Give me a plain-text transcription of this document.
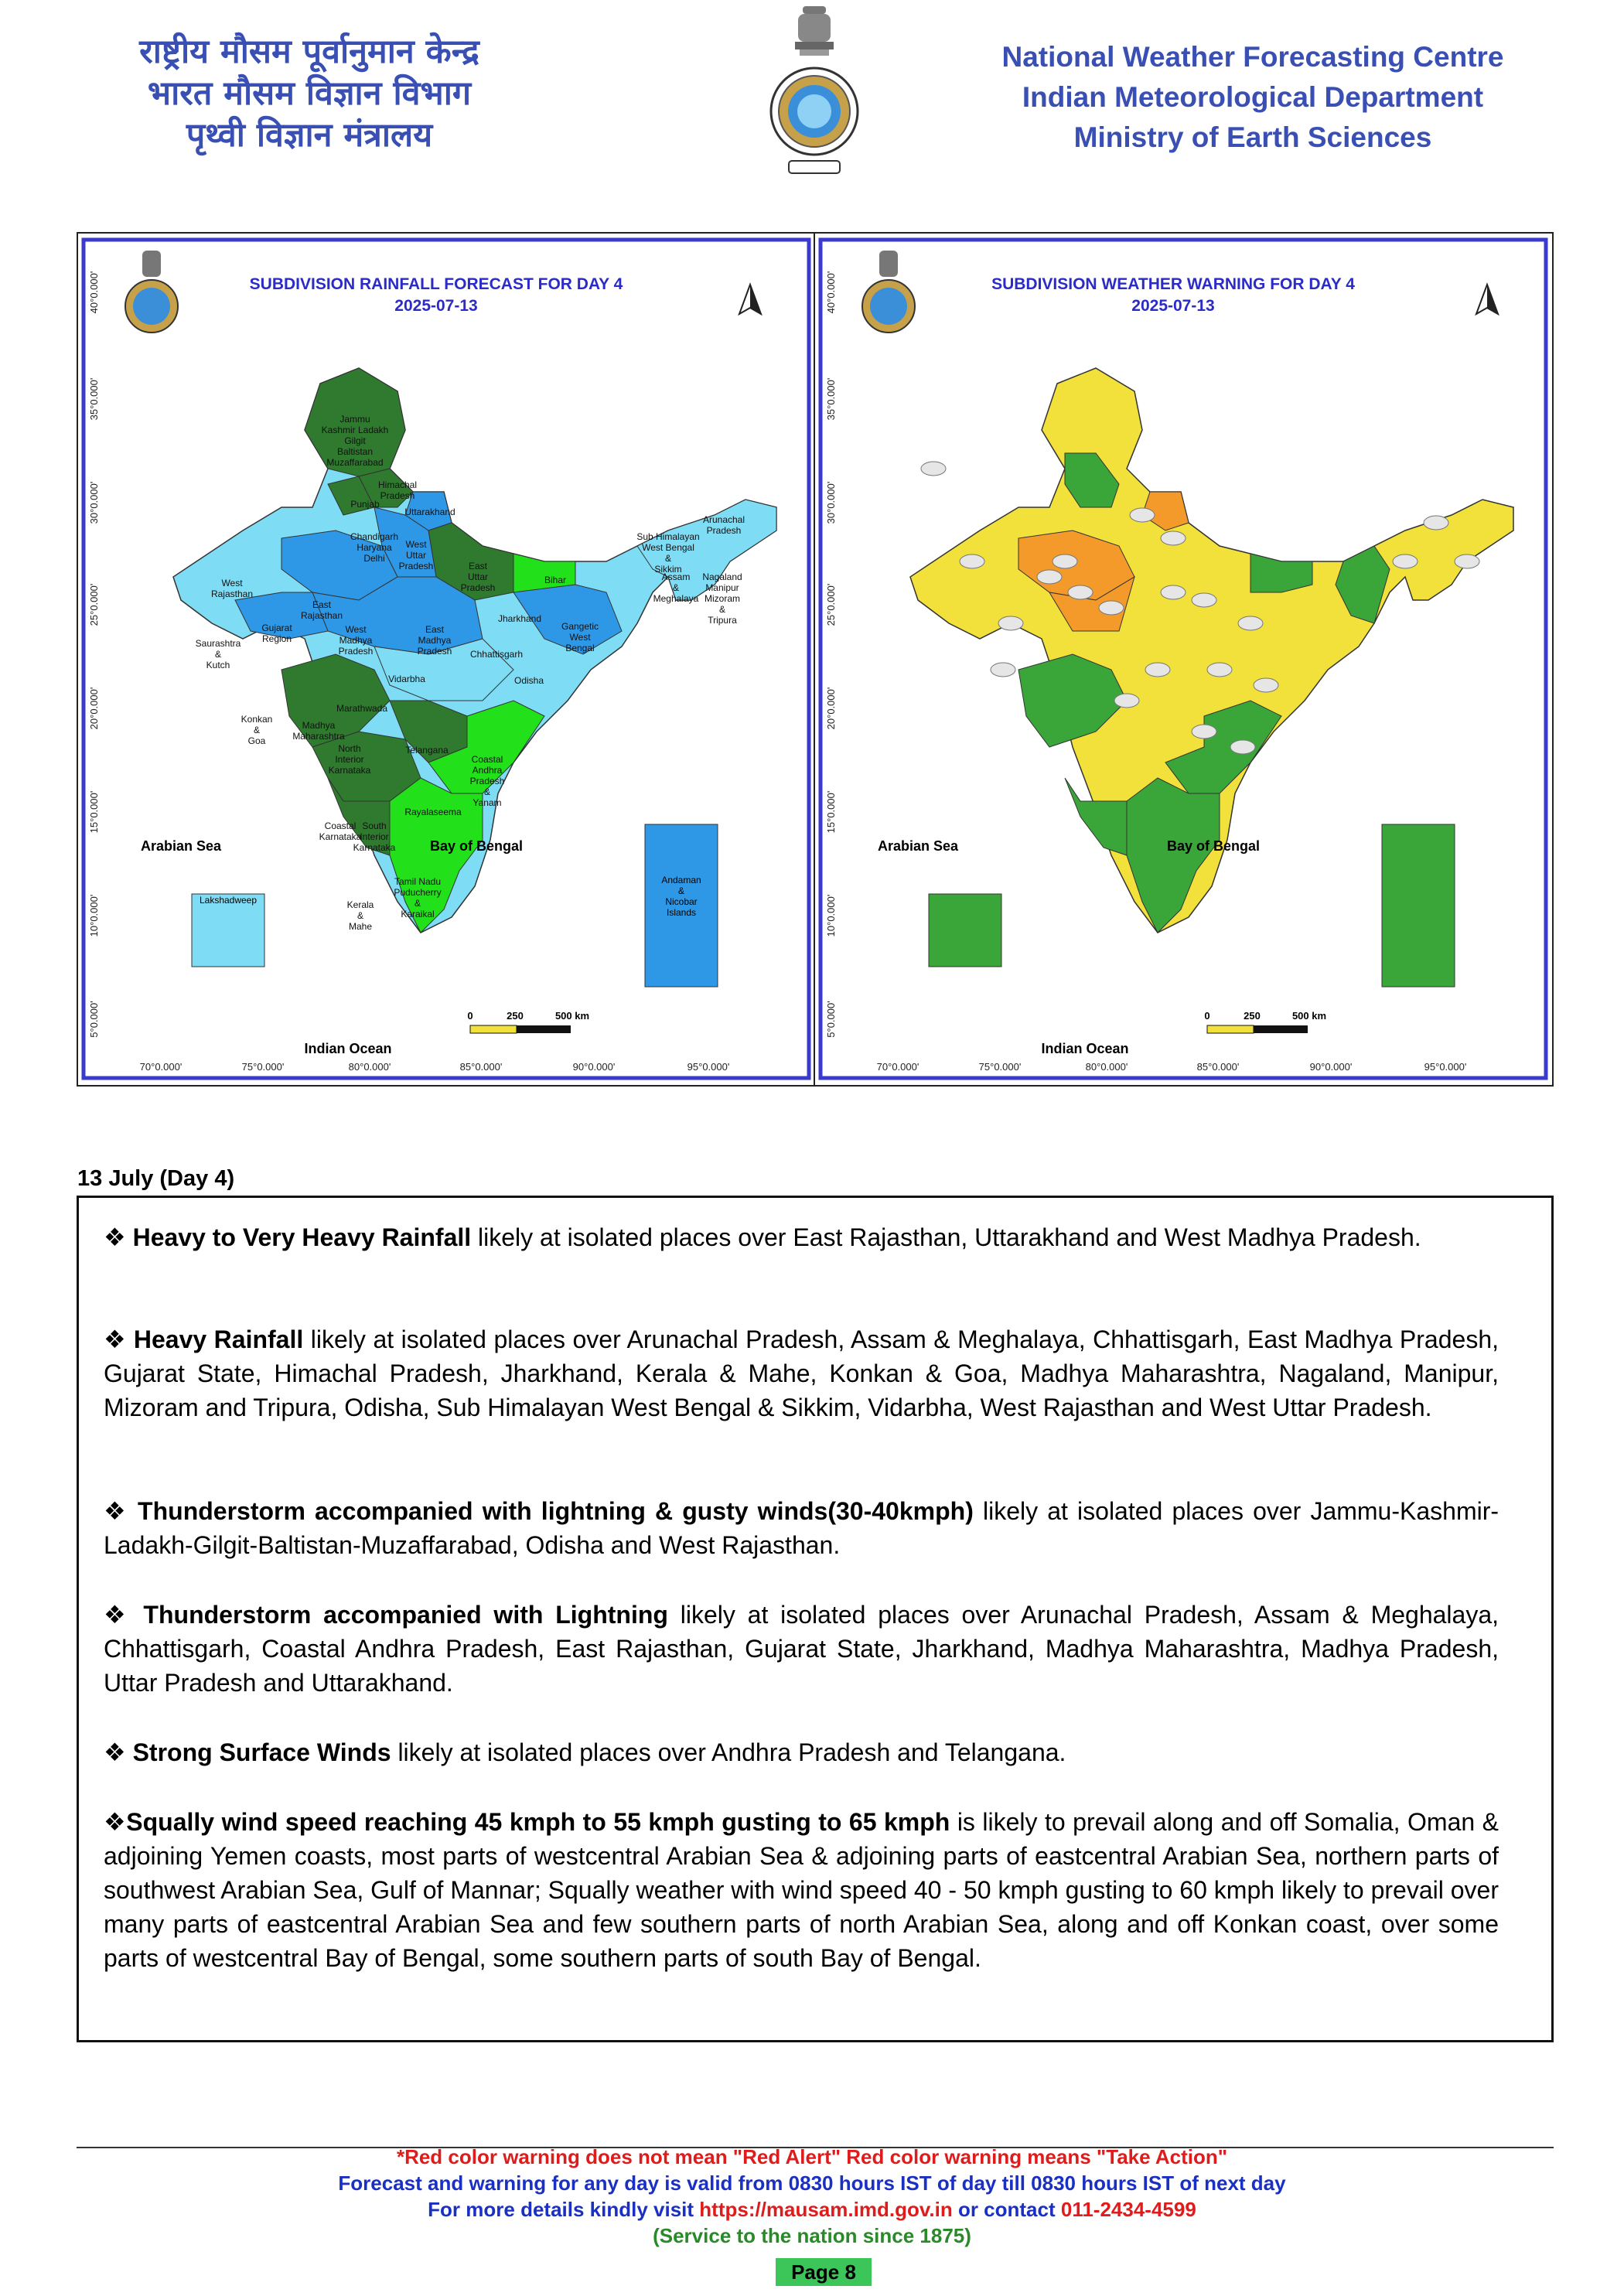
राष्ट्रीय मौसम पूर्वानुमान केन्द्र
भारत मौसम विज्ञान विभाग
पृथ्वी विज्ञान मंत्रालय
National Weather Forecasting Centre
Indian Meteorological Department
Ministry of Earth Sciences
SUBDIVISION RAINFALL FORECAST FOR DAY 4
2025-07-13
Jammu
Kashmir Ladakh
Gilgit
Baltistan
Muzaffarabad
Himachal
Pradesh
Punjab
Uttarakhand
Chandigarh
Haryana
Delhi
West
Uttar
Pradesh	East
Uttar
Pradesh
West
Rajasthan
East
Rajasthan
Bihar
Sub Himalayan
West Bengal
&
Sikkim
Arunachal
Pradesh
Assam
&
Meghalaya
Nagaland
Manipur
Mizoram
&
Tripura
Gujarat
Region
Saurashtra
&
Kutch
West
Madhya
Pradesh
East
Madhya
Pradesh
Jharkhand
Gangetic
West
Bengal
Chhattisgarh
Odisha
Vidarbha
Marathwada
Konkan
&
Goa
Madhya
Maharashtra
North
Interior
Karnataka
Telangana
Coastal
Andhra
Pradesh
&
Yanam
Rayalaseema
Coastal
Karnataka
South
Interior
Karnataka
Tamil Nadu
Puducherry
&
Karaikal
Kerala
&
Mahe
Lakshadweep
Andaman
&
Nicobar
Islands
Arabian Sea	Bay of Bengal
Indian Ocean
0	250	500 km
70°0.000'	75°0.000'	80°0.000'	85°0.000'	90°0.000'	95°0.000'
40°0.000'
35°0.000'
30°0.000'
25°0.000'
20°0.000'
15°0.000'
10°0.000'
5°0.000'
SUBDIVISION WEATHER WARNING FOR DAY 4
2025-07-13
Arabian Sea	Bay of Bengal
Indian Ocean
0	250	500 km
70°0.000'	75°0.000'	80°0.000'	85°0.000'	90°0.000'	95°0.000'
40°0.000'
35°0.000'
30°0.000'
25°0.000'
20°0.000'
15°0.000'
10°0.000'
5°0.000'
13 July (Day 4)
❖ Heavy to Very Heavy Rainfall likely at isolated places over East Rajasthan, Uttarakhand and West Madhya Pradesh.
❖ Heavy Rainfall likely at isolated places over Arunachal Pradesh, Assam & Meghalaya, Chhattisgarh, East Madhya Pradesh, Gujarat State, Himachal Pradesh, Jharkhand, Kerala & Mahe, Konkan & Goa, Madhya Maharashtra, Nagaland, Manipur, Mizoram and Tripura, Odisha, Sub Himalayan West Bengal & Sikkim, Vidarbha, West Rajasthan and West Uttar Pradesh.
❖ Thunderstorm accompanied with lightning & gusty winds(30-40kmph) likely at isolated places over Jammu-Kashmir-Ladakh-Gilgit-Baltistan-Muzaffarabad, Odisha and West Rajasthan.
❖ Thunderstorm accompanied with Lightning likely at isolated places over Arunachal Pradesh, Assam & Meghalaya, Chhattisgarh, Coastal Andhra Pradesh, East Rajasthan, Gujarat State, Jharkhand, Madhya Maharashtra, Madhya Pradesh, Uttar Pradesh and Uttarakhand.
❖ Strong Surface Winds likely at isolated places over Andhra Pradesh and Telangana.
❖Squally wind speed reaching 45 kmph to 55 kmph gusting to 65 kmph is likely to prevail along and off Somalia, Oman & adjoining Yemen coasts, most parts of westcentral Arabian Sea & adjoining parts of eastcentral Arabian Sea, northern parts of southwest Arabian Sea, Gulf of Mannar; Squally weather with wind speed 40 - 50 kmph gusting to 60 kmph likely to prevail over many parts of eastcentral Arabian Sea and few southern parts of north Arabian Sea, along and off Konkan coast, over some parts of westcentral Bay of Bengal, some southern parts of south Bay of Bengal.
*Red color warning does not mean "Red Alert" Red color warning means "Take Action"
Forecast and warning for any day is valid from 0830 hours IST of day till 0830 hours IST of next day
For more details kindly visit https://mausam.imd.gov.in or contact 011-2434-4599
(Service to the nation since 1875)
Page 8
